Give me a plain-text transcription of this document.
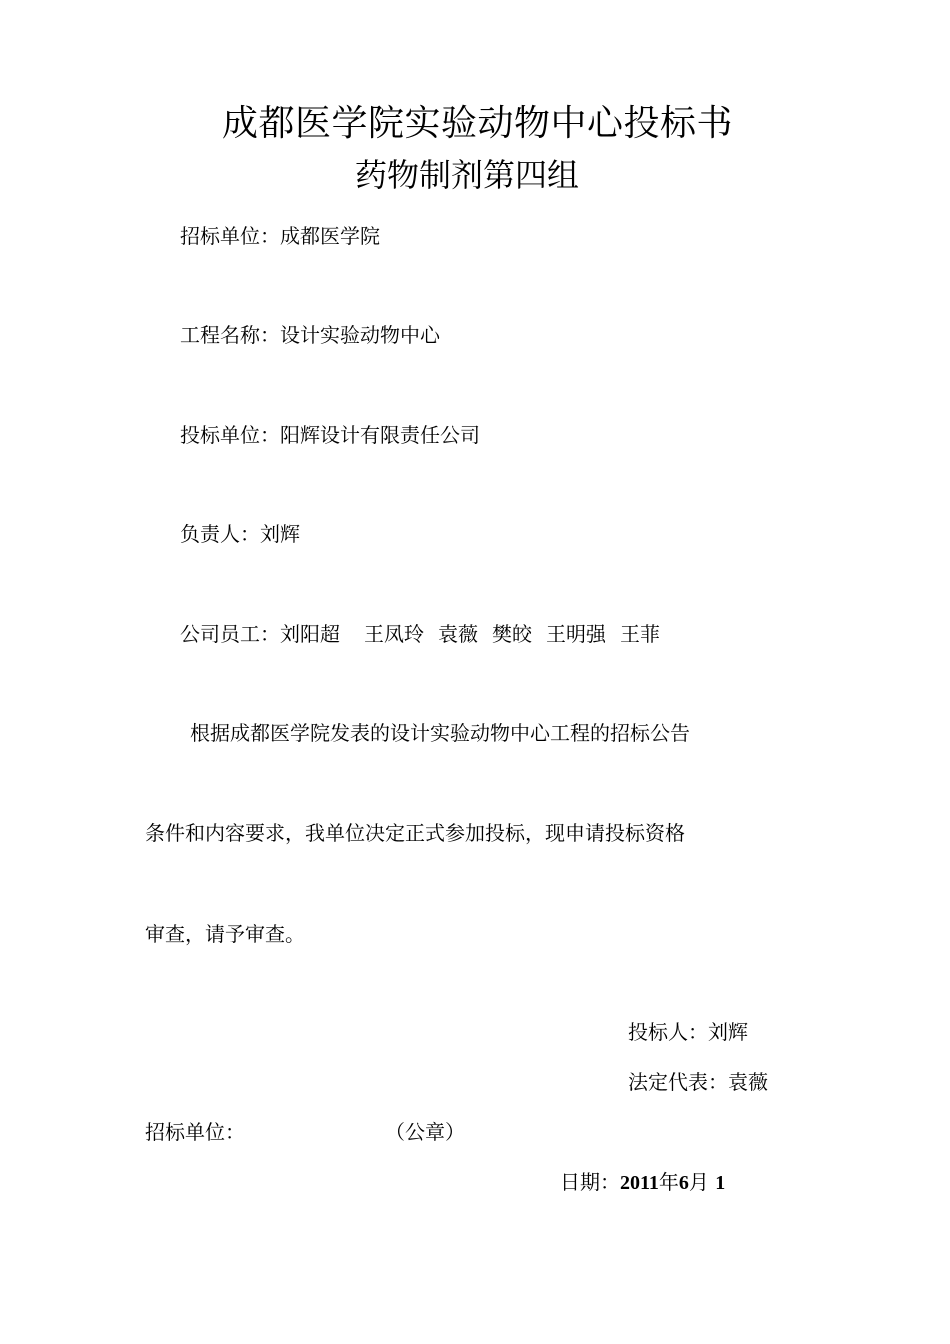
成都医学院实验动物中心投标书
药物制剂第四组
招标单位：成都医学院
工程名称：设计实验动物中心
投标单位：阳辉设计有限责任公司
负责人：刘辉
公司员工：刘阳超 王凤玲 袁薇 樊皎 王明强 王菲
根据成都医学院发表的设计实验动物中心工程的招标公告
条件和内容要求，我单位决定正式参加投标，现申请投标资格
审查，请予审查。
投标人：刘辉
法定代表：袁薇
招标单位：	（公章）
日期：2011年6月 1
